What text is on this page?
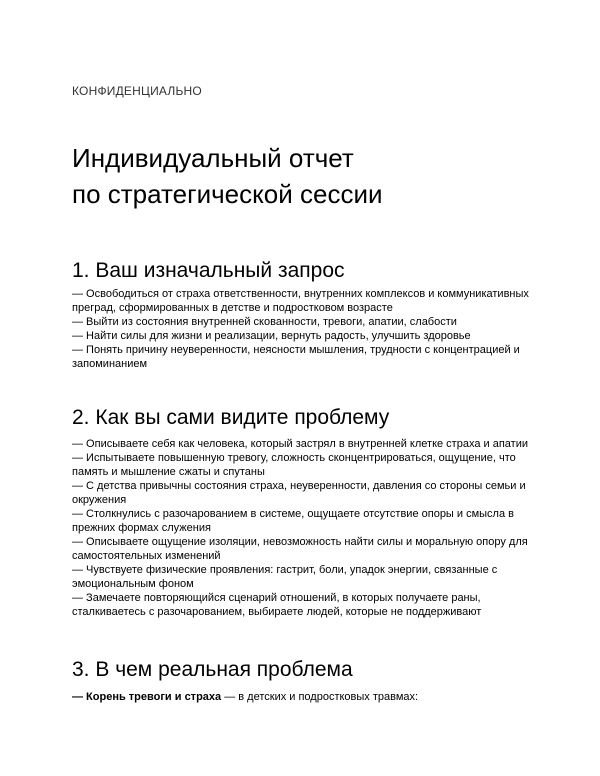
КОНФИДЕНЦИАЛЬНО
Индивидуальный отчет
по стратегической сессии
1. Ваш изначальный запрос
— Освободиться от страха ответственности, внутренних комплексов и коммуникативных преград, сформированных в детстве и подростковом возрасте
— Выйти из состояния внутренней скованности, тревоги, апатии, слабости
— Найти силы для жизни и реализации, вернуть радость, улучшить здоровье
— Понять причину неуверенности, неясности мышления, трудности с концентрацией и запоминанием
2. Как вы сами видите проблему
— Описываете себя как человека, который застрял в внутренней клетке страха и апатии
— Испытываете повышенную тревогу, сложность сконцентрироваться, ощущение, что память и мышление сжаты и спутаны
— С детства привычны состояния страха, неуверенности, давления со стороны семьи и окружения
— Столкнулись с разочарованием в системе, ощущаете отсутствие опоры и смысла в прежних формах служения
— Описываете ощущение изоляции, невозможность найти силы и моральную опору для самостоятельных изменений
— Чувствуете физические проявления: гастрит, боли, упадок энергии, связанные с эмоциональным фоном
— Замечаете повторяющийся сценарий отношений, в которых получаете раны, сталкиваетесь с разочарованием, выбираете людей, которые не поддерживают
3. В чем реальная проблема
— Корень тревоги и страха — в детских и подростковых травмах:
